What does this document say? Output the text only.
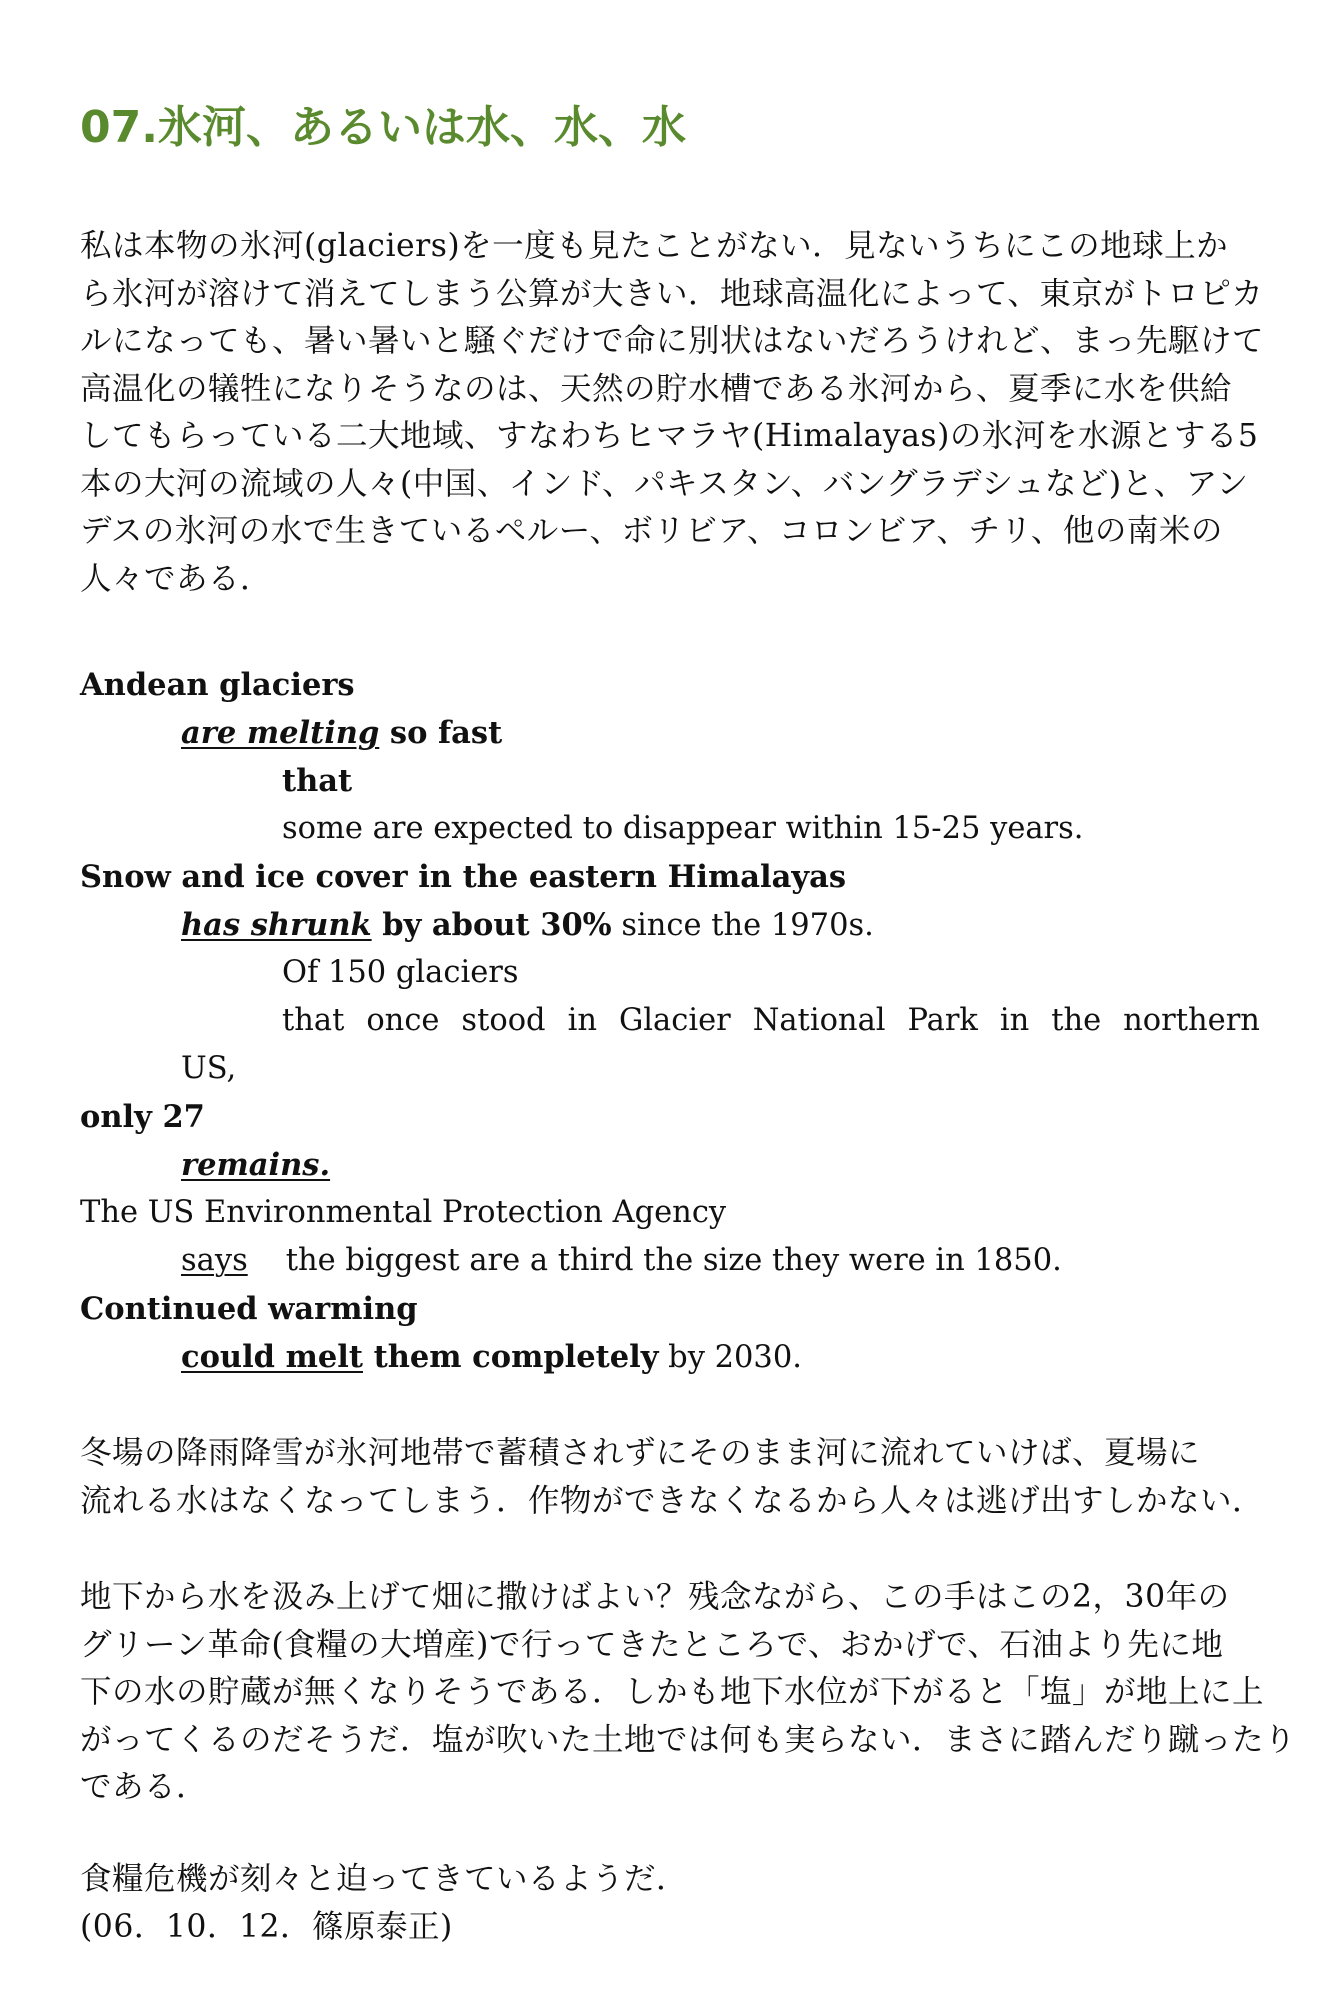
07.氷河、あるいは水、水、水

私は本物の氷河(glaciers)を一度も見たことがない．見ないうちにこの地球上か
ら氷河が溶けて消えてしまう公算が大きい．地球高温化によって、東京がトロピカ
ルになっても、暑い暑いと騒ぐだけで命に別状はないだろうけれど、まっ先駆けて
高温化の犠牲になりそうなのは、天然の貯水槽である氷河から、夏季に水を供給
してもらっている二大地域、すなわちヒマラヤ(Himalayas)の氷河を水源とする5
本の大河の流域の人々(中国、インド、パキスタン、バングラデシュなど)と、アン
デスの氷河の水で生きているペルー、ボリビア、コロンビア、チリ、他の南米の
人々である．

Andean glaciers
are melting so fast
that
some are expected to disappear within 15-25 years.
Snow and ice cover in the eastern Himalayas
has shrunk by about 30% since the 1970s.
Of 150 glaciers
that once stood in Glacier National Park in the northern
US,
only 27
remains.
The US Environmental Protection Agency
says the biggest are a third the size they were in 1850.
Continued warming
could melt them completely by 2030.

冬場の降雨降雪が氷河地帯で蓄積されずにそのまま河に流れていけば、夏場に
流れる水はなくなってしまう．作物ができなくなるから人々は逃げ出すしかない．

地下から水を汲み上げて畑に撒けばよい？残念ながら、この手はこの2，30年の
グリーン革命(食糧の大増産)で行ってきたところで、おかげで、石油より先に地
下の水の貯蔵が無くなりそうである．しかも地下水位が下がると「塩」が地上に上
がってくるのだそうだ．塩が吹いた土地では何も実らない．まさに踏んだり蹴ったり
である．

食糧危機が刻々と迫ってきているようだ．
(06．10．12．篠原泰正)
